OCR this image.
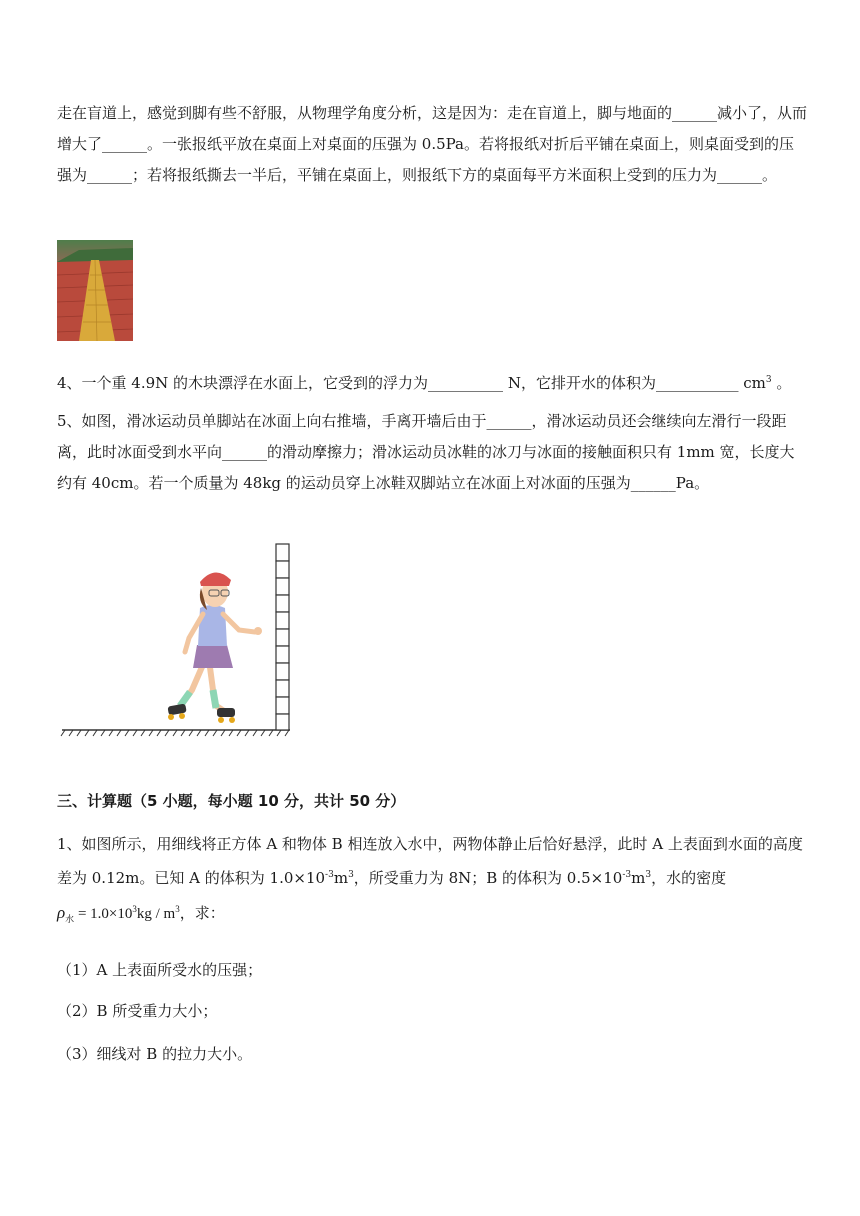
走在盲道上，感觉到脚有些不舒服，从物理学角度分析，这是因为：走在盲道上，脚与地面的______减小了，从而增大了______。一张报纸平放在桌面上对桌面的压强为 0.5Pa。若将报纸对折后平铺在桌面上，则桌面受到的压强为______；若将报纸撕去一半后，平铺在桌面上，则报纸下方的桌面每平方米面积上受到的压力为______。

4、一个重 4.9N 的木块漂浮在水面上，它受到的浮力为__________ N，它排开水的体积为___________ $cm^3$ 。

5、如图，滑冰运动员单脚站在冰面上向右推墙，手离开墙后由于______，滑冰运动员还会继续向左滑行一段距离，此时冰面受到水平向______的滑动摩擦力；滑冰运动员冰鞋的冰刀与冰面的接触面积只有 1mm 宽，长度大约有 40cm。若一个质量为 48kg 的运动员穿上冰鞋双脚站立在冰面上对冰面的压强为______Pa。

三、计算题（5 小题，每小题 10 分，共计 50 分）

1、如图所示，用细线将正方体 A 和物体 B 相连放入水中，两物体静止后恰好悬浮，此时 A 上表面到水面的高度差为 0.12m。已知 A 的体积为 $1.0\times 10^{-3}m^3$，所受重力为 8N；B 的体积为 $0.5\times 10^{-3}m^3$，水的密度
$\rho_水 = 1.0\times 10^3kg / m^3$，求：

（1）A 上表面所受水的压强；

（2）B 所受重力大小；

（3）细线对 B 的拉力大小。
